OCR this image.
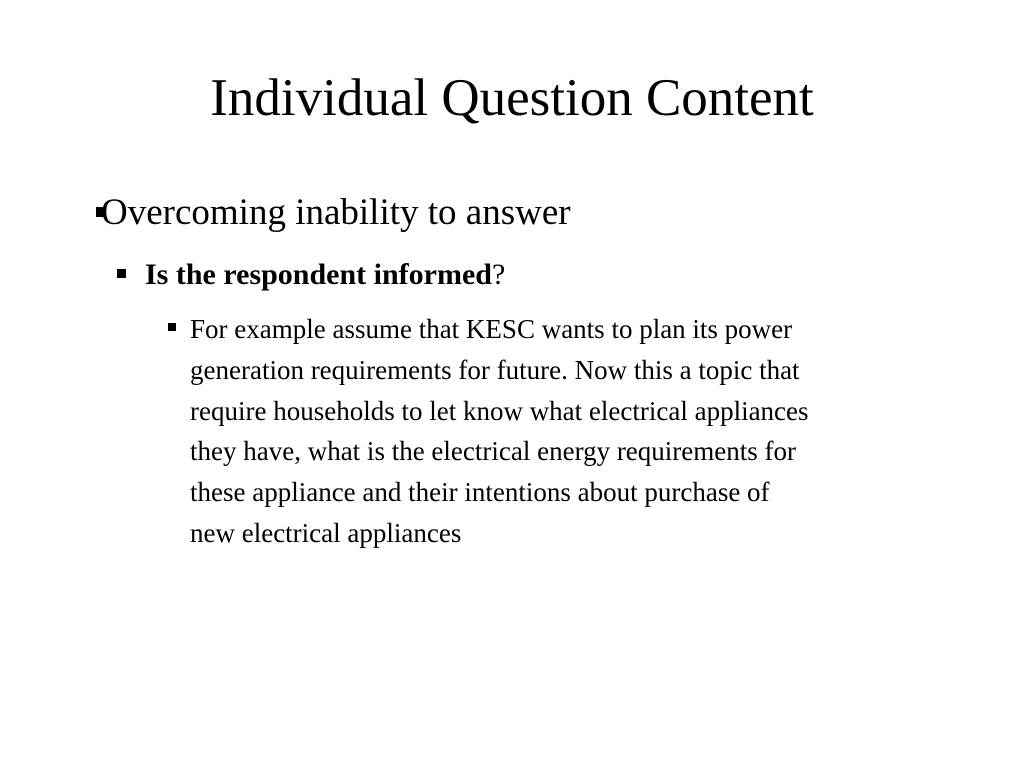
Individual Question Content
Overcoming inability to answer
Is the respondent informed?
For example assume that KESC wants to plan its power
generation requirements for future. Now this a topic that
require households to let know what electrical appliances
they have, what is the electrical energy requirements for
these appliance and their intentions about purchase of
new electrical appliances
